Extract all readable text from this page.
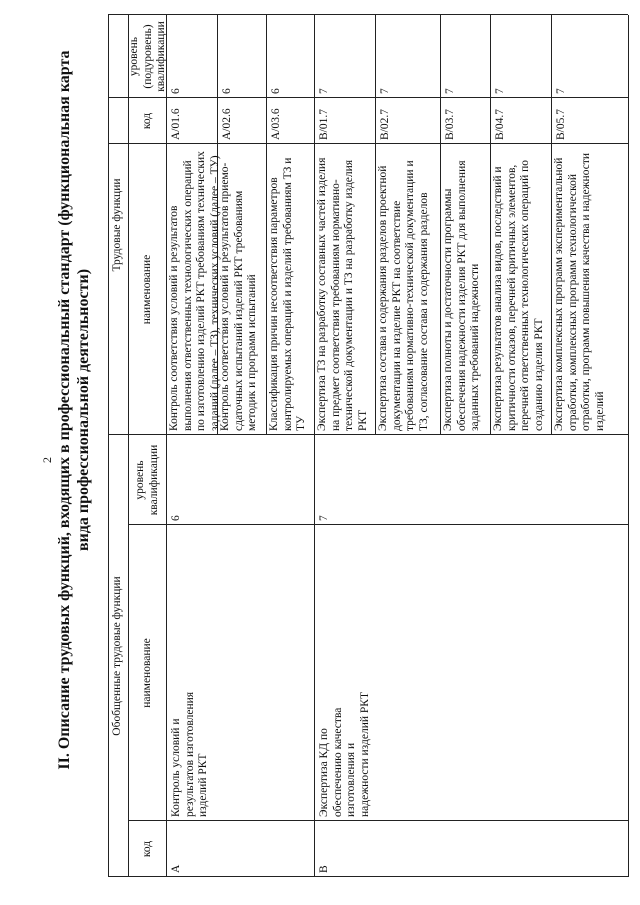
2 II. Описание трудовых функций, входящих в профессиональный стандарт (функциональная карта вида профессиональной деятельности)
Обобщенные трудовые функции
код
наименование
уровень квалификации
Трудовые функции
наименование
код
уровень (подуровень) квалификации
A
Контроль условий и результатов изготовления изделий РКТ
6
Контроль соответствия условий и результатов выполнения ответственных технологических операций по изготовлению изделий РКТ требованиям технических заданий (далее – ТЗ), технических условий (далее – ТУ)
A/01.6
6
Контроль соответствия условий и результатов приемо-сдаточных испытаний изделий РКТ требованиям методик и программ испытаний
A/02.6
6
Классификация причин несоответствия параметров контролируемых операций и изделий требованиям ТЗ и ТУ
A/03.6
6
B
Экспертиза КД по обеспечению качества изготовления и надежности изделий РКТ
7
Экспертиза ТЗ на разработку составных частей изделия на предмет соответствия требованиям нормативно-технической документации и ТЗ на разработку изделия РКТ
B/01.7
7
Экспертиза состава и содержания разделов проектной документации на изделие РКТ на соответствие требованиям нормативно-технической документации и ТЗ, согласование состава и содержания разделов
B/02.7
7
Экспертиза полноты и достаточности программы обеспечения надежности изделия РКТ для выполнения заданных требований надежности
B/03.7
7
Экспертиза результатов анализа видов, последствий и критичности отказов, перечней критичных элементов, перечней ответственных технологических операций по созданию изделия РКТ
B/04.7
7
Экспертиза комплексных программ экспериментальной отработки, комплексных программ технологической отработки, программ повышения качества и надежности изделий
B/05.7
7
